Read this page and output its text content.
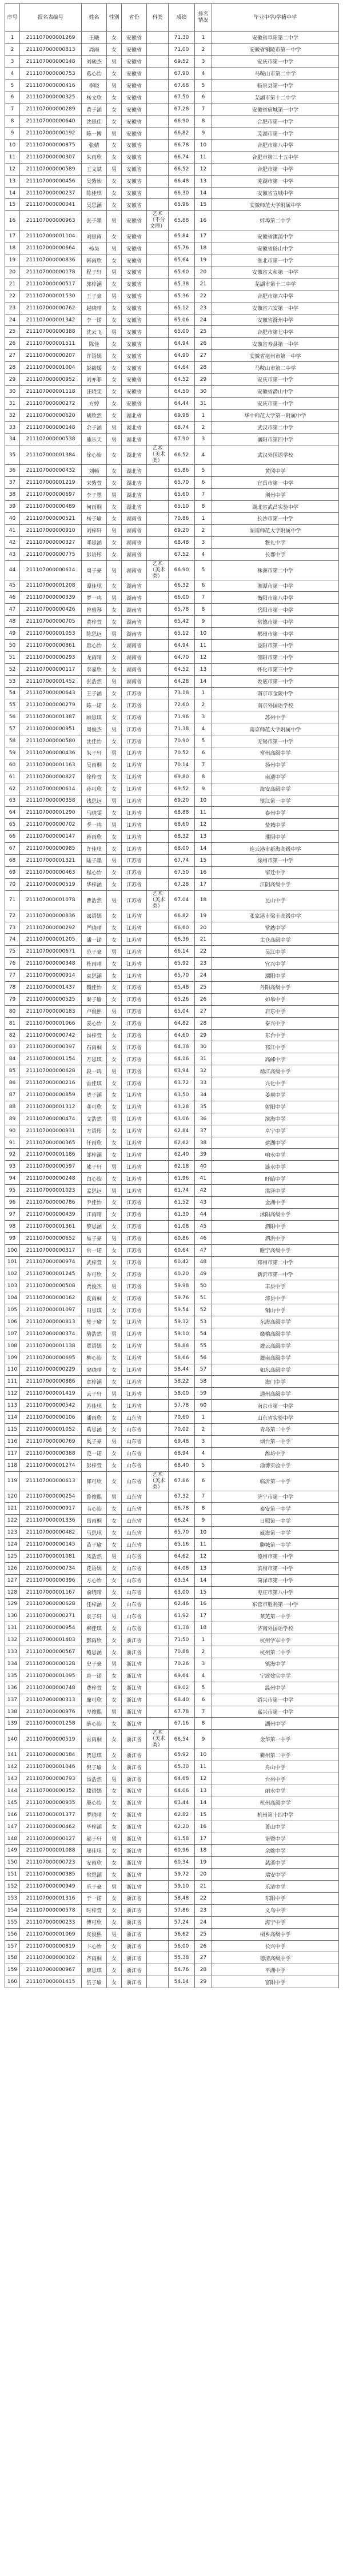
序号	报名表编号	姓名	性别	省份	科类	成绩	排名情况	毕业中学/学籍中学
1	211107000001269	王曦	女	安徽省		71.30	1	安徽省阜阳第二中学
2	211107000000813	周雨	女	安徽省		71.00	2	安徽省铜陵市第一中学
3	211107000000148	刘骏杰	男	安徽省		69.52	3	安庆市第一中学
4	211107000000753	葛心怡	女	安徽省		67.90	4	马鞍山市第二中学
5	211107000000416	李晓	男	安徽省		67.68	5	临泉县第一中学
6	211107000000325	杨文欣	女	安徽省		67.50	6	芜湖市第十二中学
7	211107000000289	黄子涵	女	安徽省		67.28	7	安徽省宿城第一中学
8	211107000000640	沈思佳	女	安徽省		66.90	8	合肥市第一中学
9	211107000000192	陈一博	男	安徽省		66.82	9	芜湖市第一中学
10	211107000000875	张婧	女	安徽省		66.78	10	合肥市第八中学
11	211107000000307	朱雨欣	女	安徽省		66.74	11	合肥市第三十五中学
12	211107000000589	王文斌	男	安徽省		66.52	12	合肥市第一中学
13	211107000000456	吴紫怡	女	安徽省		66.48	13	芜湖市第一中学
14	211107000000237	陈佳琪	女	安徽省		66.30	14	安徽省宣城中学
15	211107000000041	吴思涵	女	安徽省		65.96	15	安徽师范大学附属中学
16	211107000000963	张子墨	男	安徽省	艺术（不分文理）	65.88	16	蚌埠第二中学
17	211107000001104	刘思雨	女	安徽省		65.84	17	安徽省濉溪中学
18	211107000000664	杨昊	男	安徽省		65.76	18	安徽省砀山中学
19	211107000000836	韩雨欣	女	安徽省		65.64	19	淮北市第一中学
20	211107000000178	程子轩	男	安徽省		65.60	20	安徽省太和第一中学
21	211107000000517	郭梓涵	女	安徽省		65.38	21	芜湖市第十二中学
22	211107000001530	王子豪	男	安徽省		65.36	22	合肥市第六中学
23	211107000000762	赵晓晴	女	安徽省		65.12	23	安徽省六安第一中学
24	211107000001342	李一诺	女	安徽省		65.06	24	安徽省滁州中学
25	211107000000388	沈云飞	男	安徽省		65.00	25	合肥市第七中学
26	211107000001511	陈佳	女	安徽省		64.94	26	安徽省寿县第一中学
27	211107000000207	许语嫣	女	安徽省		64.90	27	安徽省亳州市第一中学
28	211107000001004	彭筱媛	女	安徽省		64.64	28	马鞍山市第二中学
29	211107000000952	刘亦菲	女	安徽省		64.52	29	安庆市第一中学
30	211107000001118	汪晓雯	女	安徽省		64.50	30	安徽省潜山中学
31	211107000000272	方婷	女	安徽省		64.44	31	安庆市第一中学
32	211107000000620	胡欣然	女	湖北省		69.98	1	华中师范大学第一附属中学
33	211107000000148	余子涵	男	湖北省		68.74	2	武汉市第二中学
34	211107000000538	熊乐天	男	湖北省		67.90	3	襄阳市第四中学
35	211107000001384	徐心怡	女	湖北省	艺术（美术类）	66.52	4	武汉外国语学校
36	211107000000432	刘畅	女	湖北省		65.86	5	黄冈中学
37	211107000001219	宋紫萱	女	湖北省		65.70	6	宜昌市第一中学
38	211107000000697	李子墨	男	湖北省		65.60	7	荆州中学
39	211107000000489	何雨桐	女	湖北省		65.10	8	湖北省武昌实验中学
40	211107000000521	杨子瑜	女	湖南省		70.86	1	长沙市第一中学
41	211107000000910	刘梓轩	男	湖南省		69.20	2	湖南师范大学附属中学
42	211107000000327	邓思涵	女	湖南省		68.48	3	雅礼中学
43	211107000000775	彭语彤	女	湖南省		67.52	4	长郡中学
44	211107000000614	周子豪	男	湖南省	艺术（美术类）	66.90	5	株洲市第二中学
45	211107000001208	谭佳琪	女	湖南省		66.32	6	湘潭市第一中学
46	211107000000339	罗一鸣	男	湖南省		66.00	7	衡阳市第八中学
47	211107000000426	曾雅琴	女	湖南省		65.78	8	岳阳市第一中学
48	211107000000705	黄梓萱	女	湖南省		65.42	9	常德市第一中学
49	211107000001053	陈思远	男	湖南省		65.12	10	郴州市第一中学
50	211107000000861	唐心怡	女	湖南省		64.94	11	益阳市第一中学
51	211107000000293	龙雨晴	女	湖南省		64.70	12	邵阳市第二中学
52	211107000000117	李嘉欣	女	湖南省		64.52	13	怀化市第三中学
53	211107000001452	张浩然	男	湖南省		64.28	14	娄底市第一中学
54	211107000000643	王子涵	女	江苏省		73.18	1	南京市金陵中学
55	211107000000279	陈一诺	女	江苏省		72.60	2	南京外国语学校
56	211107000001387	顾思琪	女	江苏省		71.96	3	苏州中学
57	211107000000951	周俊杰	男	江苏省		71.38	4	南京师范大学附属中学
58	211107000000580	沈佳怡	女	江苏省		70.90	5	无锡市第一中学
59	211107000000436	朱子轩	男	江苏省		70.52	6	常州高级中学
60	211107000001163	吴雨桐	女	江苏省		70.14	7	扬州中学
61	211107000000827	徐梓萱	女	江苏省		69.80	8	南通中学
62	211107000000614	孙可欣	女	江苏省		69.52	9	海安高级中学
63	211107000000358	钱思远	男	江苏省		69.20	10	镇江第一中学
64	211107000001290	马晓雯	女	江苏省		68.88	11	泰州中学
65	211107000000702	季一鸣	男	江苏省		68.60	12	盐城中学
66	211107000000147	蒋雨欣	女	江苏省		68.32	13	淮阴中学
67	211107000000985	许佳琪	女	江苏省		68.00	14	连云港市新海高级中学
68	211107000001321	陆子墨	男	江苏省		67.74	15	徐州市第一中学
69	211107000000463	程心怡	女	江苏省		67.50	16	宿迁中学
70	211107000000519	华梓涵	女	江苏省		67.28	17	江阴高级中学
71	211107000001078	曹浩然	男	江苏省	艺术（美术类）	67.04	18	昆山中学
72	211107000000836	邵语嫣	女	江苏省		66.82	19	张家港市梁丰高级中学
73	211107000000292	严晓晴	女	江苏省		66.60	20	常熟中学
74	211107000001205	潘一诺	女	江苏省		66.36	21	太仓高级中学
75	211107000000671	范子豪	男	江苏省		66.14	22	吴江中学
76	211107000000348	杜雨晴	女	江苏省		65.92	23	宜兴中学
77	211107000000914	袁思涵	女	江苏省		65.70	24	溧阳中学
78	211107000001437	魏佳怡	女	江苏省		65.48	25	丹阳高级中学
79	211107000000525	秦子瑜	女	江苏省		65.26	26	如皋中学
80	211107000000183	卢俊熙	男	江苏省		65.04	27	启东中学
81	211107000001066	姜心怡	女	江苏省		64.82	28	泰兴中学
82	211107000000742	汤梓萱	女	江苏省		64.60	29	东台中学
83	211107000000397	石雨桐	女	江苏省		64.38	30	邗江中学
84	211107000001154	万思琪	女	江苏省		64.16	31	高邮中学
85	211107000000628	段一鸣	男	江苏省		63.94	32	靖江高级中学
86	211107000000216	雷佳琪	女	江苏省		63.72	33	兴化中学
87	211107000000859	贺子涵	女	江苏省		63.50	34	姜堰中学
88	211107000001312	龚可欣	女	江苏省		63.28	35	射阳中学
89	211107000000474	文浩然	男	江苏省		63.06	36	滨海中学
90	211107000000931	方语彤	女	江苏省		62.84	37	阜宁中学
91	211107000000365	任雨欣	女	江苏省		62.62	38	建湖中学
92	211107000001186	邹梓涵	女	江苏省		62.40	39	响水中学
93	211107000000597	熊子轩	男	江苏省		62.18	40	涟水中学
94	211107000000248	白心怡	女	江苏省		61.96	41	盱眙中学
95	211107000001023	孟思远	男	江苏省		61.74	42	洪泽中学
96	211107000000786	尹佳怡	女	江苏省		61.52	43	金湖中学
97	211107000000439	江雨晴	女	江苏省		61.30	44	沭阳高级中学
98	211107000001361	黎思涵	女	江苏省		61.08	45	泗阳中学
99	211107000000652	易子豪	男	江苏省		60.86	46	泗洪中学
100	211107000000317	常一诺	女	江苏省		60.64	47	睢宁高级中学
101	211107000000974	武梓萱	女	江苏省		60.42	48	邳州市第二中学
102	211107000001245	乔可欣	女	江苏省		60.20	49	新沂市第一中学
103	211107000000508	贾俊杰	男	江苏省		59.98	50	丰县中学
104	211107000000162	夏雨桐	女	江苏省		59.76	51	沛县中学
105	211107000001097	田思琪	女	江苏省		59.54	52	铜山中学
106	211107000000813	樊子瑜	女	江苏省		59.32	53	东海高级中学
107	211107000000374	骆浩然	男	江苏省		59.10	54	赣榆高级中学
108	211107000001138	覃语嫣	女	江苏省		58.88	55	灌云高级中学
109	211107000000695	柳心怡	女	江苏省		58.66	56	灌南高级中学
110	211107000000229	窦晓晴	女	江苏省		58.44	57	如东高级中学
111	211107000000886	章梓涵	女	江苏省		58.22	58	海门中学
112	211107000001419	云子轩	男	江苏省		58.00	59	通州高级中学
113	211107000000542	苏佳琪	女	江苏省		57.78	60	南京市第一中学
114	211107000000106	潘雨欣	女	山东省		70.60	1	山东省实验中学
115	211107000001052	葛思涵	女	山东省		70.02	2	青岛第二中学
116	211107000000769	奚子豪	男	山东省		69.48	3	烟台第一中学
117	211107000000388	范一诺	女	山东省		68.94	4	潍坊中学
118	211107000001274	彭梓萱	女	山东省		68.40	5	淄博实验中学
119	211107000000613	郎可欣	女	山东省	艺术（美术类）	67.86	6	临沂第一中学
120	211107000000254	鲁俊熙	男	山东省		67.32	7	济宁市第一中学
121	211107000000917	韦心怡	女	山东省		66.78	8	泰安第一中学
122	211107000001336	昌雨桐	女	山东省		66.24	9	日照第一中学
123	211107000000482	马思琪	女	山东省		65.70	10	威海第一中学
124	211107000000145	苗子瑜	女	山东省		65.16	11	聊城第一中学
125	211107000001081	凤浩然	男	山东省		64.62	12	德州市第一中学
126	211107000000734	花语嫣	女	山东省		64.08	13	滨州市第一中学
127	211107000000396	方心怡	女	山东省		63.54	14	菏泽市第一中学
128	211107000001167	俞晓晴	女	山东省		63.00	15	枣庄市第八中学
129	211107000000628	任梓涵	女	山东省		62.46	16	东营市胜利第一中学
130	211107000000271	袁子轩	男	山东省		61.92	17	莱芜第一中学
131	211107000000954	柳佳琪	女	山东省		61.38	18	济南外国语学校
132	211107000001403	酆雨欣	女	浙江省		71.50	1	杭州学军中学
133	211107000000567	鲍思涵	女	浙江省		70.88	2	杭州第二中学
134	211107000000128	史子豪	男	浙江省		70.26	3	镇海中学
135	211107000001095	唐一诺	女	浙江省		69.64	4	宁波效实中学
136	211107000000748	费梓萱	女	浙江省		69.02	5	温州中学
137	211107000000313	廉可欣	女	浙江省		68.40	6	绍兴市第一中学
138	211107000000976	岑俊熙	男	浙江省		67.78	7	嘉兴市第一中学
139	211107000001258	薛心怡	女	浙江省		67.16	8	湖州中学
140	211107000000519	雷雨桐	女	浙江省	艺术（美术类）	66.54	9	金华第一中学
141	211107000000184	贺思琪	女	浙江省		65.92	10	衢州第二中学
142	211107000001046	倪子瑜	女	浙江省		65.30	11	舟山中学
143	211107000000793	汤浩然	男	浙江省		64.68	12	台州中学
144	211107000000352	滕语嫣	女	浙江省		64.06	13	丽水中学
145	211107000000935	殷心怡	女	浙江省		63.44	14	杭州高级中学
146	211107000001377	罗晓晴	女	浙江省		62.82	15	杭州第十四中学
147	211107000000462	毕梓涵	女	浙江省		62.20	16	萧山中学
148	211107000000127	郝子轩	男	浙江省		61.58	17	诸暨中学
149	211107000001088	邬佳琪	女	浙江省		60.96	18	余姚中学
150	211107000000723	安雨欣	女	浙江省		60.34	19	慈溪中学
151	211107000000385	常思涵	女	浙江省		59.72	20	瑞安中学
152	211107000000949	乐子豪	男	浙江省		59.10	21	乐清中学
153	211107000001316	于一诺	女	浙江省		58.48	22	东阳中学
154	211107000000578	时梓萱	女	浙江省		57.86	23	义乌中学
155	211107000000233	傅可欣	女	浙江省		57.24	24	海宁中学
156	211107000001069	皮俊熙	男	浙江省		56.62	25	桐乡高级中学
157	211107000000819	卞心怡	女	浙江省		56.00	26	长兴中学
158	211107000000302	齐雨桐	女	浙江省		55.38	27	德清高级中学
159	211107000000967	康思琪	女	浙江省		54.76	28	平湖中学
160	211107000001415	伍子瑜	女	浙江省		54.14	29	富阳中学
